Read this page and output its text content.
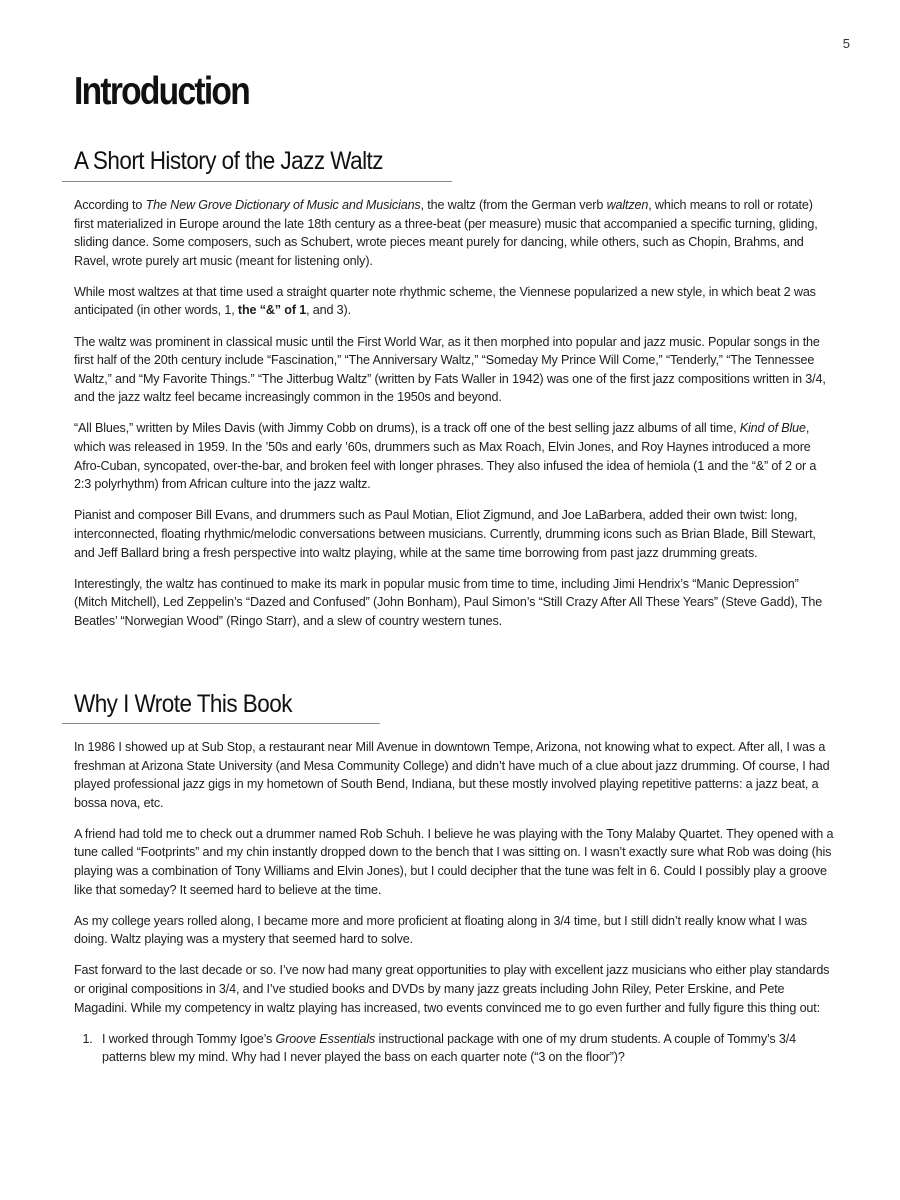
5
Introduction
A Short History of the Jazz Waltz

According to The New Grove Dictionary of Music and Musicians, the waltz (from the German verb waltzen, which means to roll or rotate) first materialized in Europe around the late 18th century as a three-beat (per measure) music that accompanied a specific turning, gliding, sliding dance. Some composers, such as Schubert, wrote pieces meant purely for dancing, while others, such as Chopin, Brahms, and Ravel, wrote purely art music (meant for listening only).

While most waltzes at that time used a straight quarter note rhythmic scheme, the Viennese popularized a new style, in which beat 2 was anticipated (in other words, 1, the “&” of 1, and 3).

The waltz was prominent in classical music until the First World War, as it then morphed into popular and jazz music. Popular songs in the first half of the 20th century include “Fascination,” “The Anniversary Waltz,” “Someday My Prince Will Come,” “Tenderly,” “The Tennessee Waltz,” and “My Favorite Things.” “The Jitterbug Waltz” (written by Fats Waller in 1942) was one of the first jazz compositions written in 3/4, and the jazz waltz feel became increasingly common in the 1950s and beyond.

“All Blues,” written by Miles Davis (with Jimmy Cobb on drums), is a track off one of the best selling jazz albums of all time, Kind of Blue, which was released in 1959. In the ’50s and early ’60s, drummers such as Max Roach, Elvin Jones, and Roy Haynes introduced a more Afro-Cuban, syncopated, over-the-bar, and broken feel with longer phrases. They also infused the idea of hemiola (1 and the “&” of 2 or a 2:3 polyrhythm) from African culture into the jazz waltz.

Pianist and composer Bill Evans, and drummers such as Paul Motian, Eliot Zigmund, and Joe LaBarbera, added their own twist: long, interconnected, floating rhythmic/melodic conversations between musicians. Currently, drumming icons such as Brian Blade, Bill Stewart, and Jeff Ballard bring a fresh perspective into waltz playing, while at the same time borrowing from past jazz drumming greats.

Interestingly, the waltz has continued to make its mark in popular music from time to time, including Jimi Hendrix’s “Manic Depression” (Mitch Mitchell), Led Zeppelin’s “Dazed and Confused” (John Bonham), Paul Simon’s “Still Crazy After All These Years” (Steve Gadd), The Beatles’ “Norwegian Wood” (Ringo Starr), and a slew of country western tunes.

Why I Wrote This Book

In 1986 I showed up at Sub Stop, a restaurant near Mill Avenue in downtown Tempe, Arizona, not knowing what to expect. After all, I was a freshman at Arizona State University (and Mesa Community College) and didn’t have much of a clue about jazz drumming. Of course, I had played professional jazz gigs in my hometown of South Bend, Indiana, but these mostly involved playing repetitive patterns: a jazz beat, a bossa nova, etc.

A friend had told me to check out a drummer named Rob Schuh. I believe he was playing with the Tony Malaby Quartet. They opened with a tune called “Footprints” and my chin instantly dropped down to the bench that I was sitting on. I wasn’t exactly sure what Rob was doing (his playing was a combination of Tony Williams and Elvin Jones), but I could decipher that the tune was felt in 6. Could I possibly play a groove like that someday? It seemed hard to believe at the time.

As my college years rolled along, I became more and more proficient at floating along in 3/4 time, but I still didn’t really know what I was doing. Waltz playing was a mystery that seemed hard to solve.

Fast forward to the last decade or so. I’ve now had many great opportunities to play with excellent jazz musicians who either play standards or original compositions in 3/4, and I’ve studied books and DVDs by many jazz greats including John Riley, Peter Erskine, and Pete Magadini. While my competency in waltz playing has increased, two events convinced me to go even further and fully figure this thing out:

1. I worked through Tommy Igoe’s Groove Essentials instructional package with one of my drum students. A couple of Tommy’s 3/4 patterns blew my mind. Why had I never played the bass on each quarter note (“3 on the floor”)?
